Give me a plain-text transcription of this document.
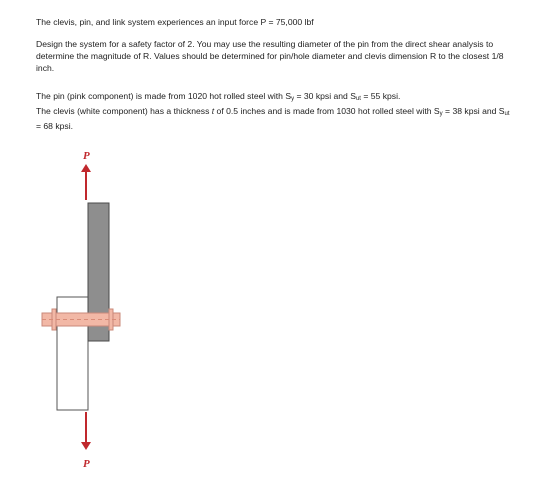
The clevis, pin, and link system experiences an input force P = 75,000 lbf

Design the system for a safety factor of 2. You may use the resulting diameter of the pin from the direct shear analysis to determine the magnitude of R. Values should be determined for pin/hole diameter and clevis dimension R to the closest 1/8 inch.

The pin (pink component) is made from 1020 hot rolled steel with Sy = 30 kpsi and Sut = 55 kpsi.
The clevis (white component) has a thickness t of 0.5 inches and is made from 1030 hot rolled steel with Sy = 38 kpsi and Sut = 68 kpsi.

P
P
